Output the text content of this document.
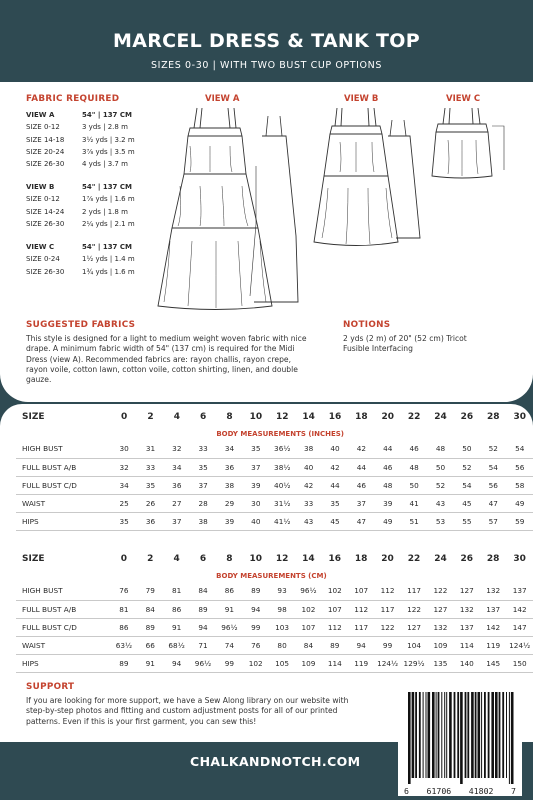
MARCEL DRESS & TANK TOP
SIZES 0-30 | WITH TWO BUST CUP OPTIONS
FABRIC REQUIRED
VIEW A	54" | 137 CM
SIZE 0-12	3 yds | 2.8 m
SIZE 14-18	3½ yds | 3.2 m
SIZE 20-24	3⅞ yds | 3.5 m
SIZE 26-30	4 yds | 3.7 m
VIEW B	54" | 137 CM
SIZE 0-12	1⅞ yds | 1.6 m
SIZE 14-24	2 yds | 1.8 m
SIZE 26-30	2¼ yds | 2.1 m
VIEW C	54" | 137 CM
SIZE 0-24	1½ yds | 1.4 m
SIZE 26-30	1¾ yds | 1.6 m
VIEW A	VIEW B	VIEW C
SUGGESTED FABRICS
This style is designed for a light to medium weight woven fabric with nice drape. A minimum fabric width of 54" (137 cm) is required for the Midi Dress (view A). Recommended fabrics are: rayon challis, rayon crepe, rayon voile, cotton lawn, cotton voile, cotton shirting, linen, and double gauze.
NOTIONS
2 yds (2 m) of 20" (52 cm) Tricot Fusible Interfacing
SIZE	0	2	4	6	8	10	12	14	16	18	20	22	24	26	28	30
					BODY MEASUREMENTS (INCHES)											
HIGH BUST	30	31	32	33	34	35	36½	38	40	42	44	46	48	50	52	54
FULL BUST A/B	32	33	34	35	36	37	38½	40	42	44	46	48	50	52	54	56
FULL BUST C/D	34	35	36	37	38	39	40½	42	44	46	48	50	52	54	56	58
WAIST	25	26	27	28	29	30	31½	33	35	37	39	41	43	45	47	49
HIPS	35	36	37	38	39	40	41½	43	45	47	49	51	53	55	57	59
SIZE	0	2	4	6	8	10	12	14	16	18	20	22	24	26	28	30
					BODY MEASUREMENTS (CM)											
HIGH BUST	76	79	81	84	86	89	93	96½	102	107	112	117	122	127	132	137
FULL BUST A/B	81	84	86	89	91	94	98	102	107	112	117	122	127	132	137	142
FULL BUST C/D	86	89	91	94	96½	99	103	107	112	117	122	127	132	137	142	147
WAIST	63½	66	68½	71	74	76	80	84	89	94	99	104	109	114	119	124½
HIPS	89	91	94	96½	99	102	105	109	114	119	124½	129½	135	140	145	150
SUPPORT
If you are looking for more support, we have a Sew Along library on our website with step-by-step photos and fitting and custom adjustment posts for all of our printed patterns. Even if this is your first garment, you can sew this!
CHALKANDNOTCH.COM
6 61706 41802 7
